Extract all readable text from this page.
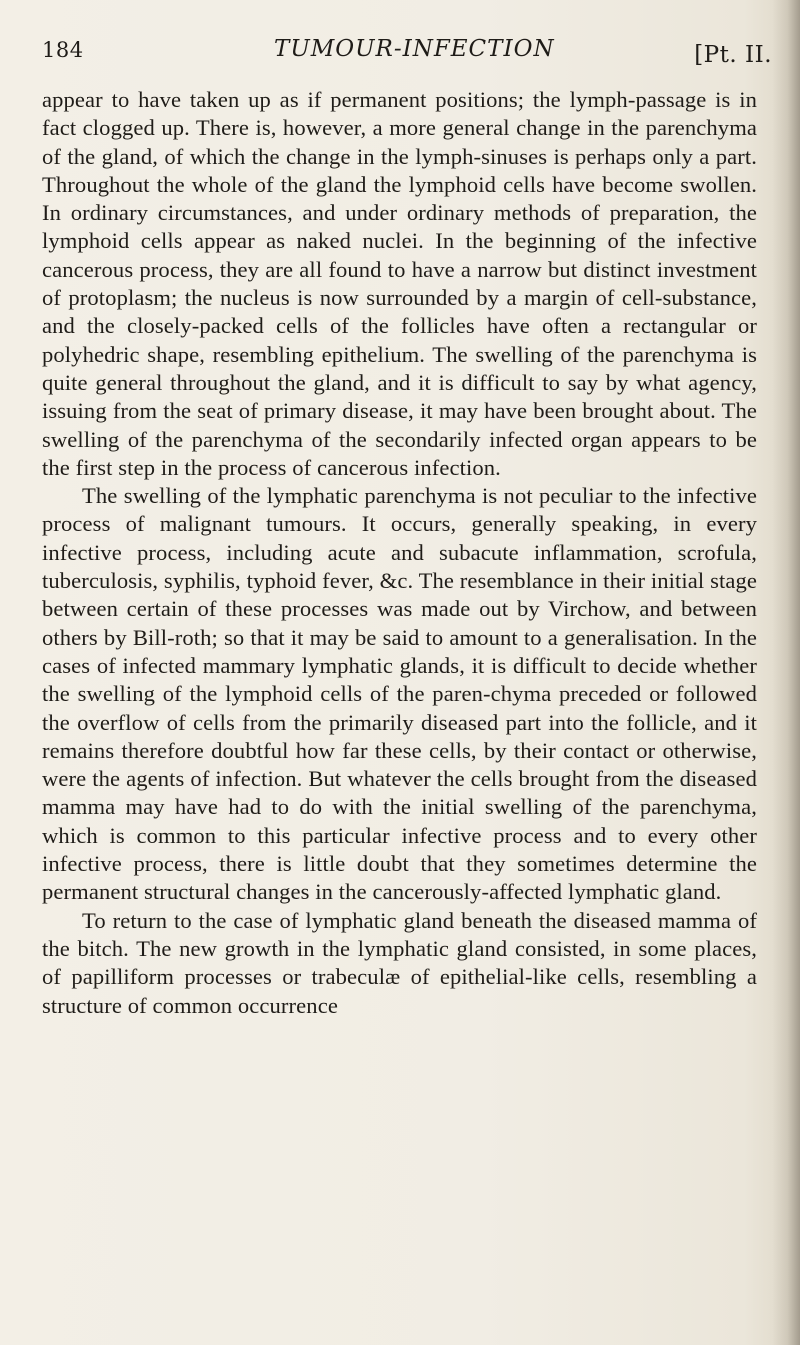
184	TUMOUR-INFECTION	[Pt. II.

appear to have taken up as if permanent positions; the lymph-passage is in fact clogged up. There is, however, a more general change in the parenchyma of the gland, of which the change in the lymph-sinuses is perhaps only a part. Throughout the whole of the gland the lymphoid cells have become swollen. In ordinary circumstances, and under ordinary methods of preparation, the lymphoid cells appear as naked nuclei. In the beginning of the infective cancerous process, they are all found to have a narrow but distinct investment of protoplasm; the nucleus is now surrounded by a margin of cell-substance, and the closely-packed cells of the follicles have often a rectangular or polyhedric shape, resembling epithelium. The swelling of the parenchyma is quite general throughout the gland, and it is difficult to say by what agency, issuing from the seat of primary disease, it may have been brought about. The swelling of the parenchyma of the secondarily infected organ appears to be the first step in the process of cancerous infection.

The swelling of the lymphatic parenchyma is not peculiar to the infective process of malignant tumours. It occurs, generally speaking, in every infective process, including acute and subacute inflammation, scrofula, tuberculosis, syphilis, typhoid fever, &c. The resemblance in their initial stage between certain of these processes was made out by Virchow, and between others by Bill-roth; so that it may be said to amount to a generalisation. In the cases of infected mammary lymphatic glands, it is difficult to decide whether the swelling of the lymphoid cells of the paren-chyma preceded or followed the overflow of cells from the primarily diseased part into the follicle, and it remains therefore doubtful how far these cells, by their contact or otherwise, were the agents of infection. But whatever the cells brought from the diseased mamma may have had to do with the initial swelling of the parenchyma, which is common to this particular infective process and to every other infective process, there is little doubt that they sometimes determine the permanent structural changes in the cancerously-affected lymphatic gland.

To return to the case of lymphatic gland beneath the diseased mamma of the bitch. The new growth in the lymphatic gland consisted, in some places, of papilliform processes or trabeculæ of epithelial-like cells, resembling a structure of common occurrence
